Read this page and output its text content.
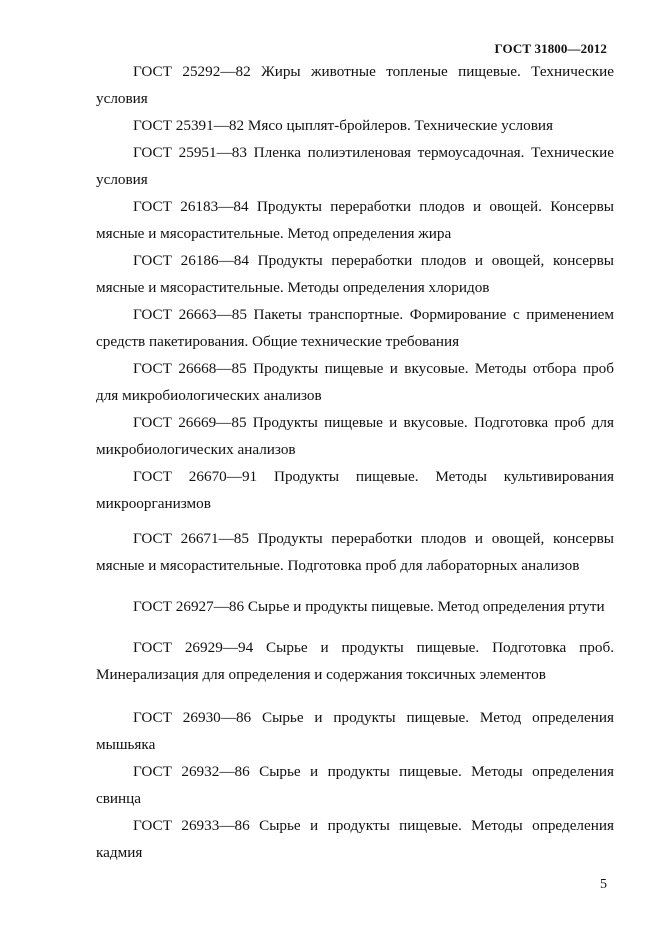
ГОСТ 31800—2012

ГОСТ 25292—82 Жиры животные топленые пищевые. Технические условия

ГОСТ 25391—82 Мясо цыплят-бройлеров. Технические условия

ГОСТ 25951—83 Пленка полиэтиленовая термоусадочная. Технические условия

ГОСТ 26183—84 Продукты переработки плодов и овощей. Консервы мясные и мясорастительные. Метод определения жира

ГОСТ 26186—84 Продукты переработки плодов и овощей, консервы мясные и мясорастительные. Методы определения хлоридов

ГОСТ 26663—85 Пакеты транспортные. Формирование с применением средств пакетирования. Общие технические требования

ГОСТ 26668—85 Продукты пищевые и вкусовые. Методы отбора проб для микробиологических анализов

ГОСТ 26669—85 Продукты пищевые и вкусовые. Подготовка проб для микробиологических анализов

ГОСТ 26670—91 Продукты пищевые. Методы культивирования микроорганизмов

ГОСТ 26671—85 Продукты переработки плодов и овощей, консервы мясные и мясорастительные. Подготовка проб для лабораторных анализов

ГОСТ 26927—86 Сырье и продукты пищевые. Метод определения ртути

ГОСТ 26929—94 Сырье и продукты пищевые. Подготовка проб. Минерализация для определения и содержания токсичных элементов

ГОСТ 26930—86 Сырье и продукты пищевые. Метод определения мышьяка

ГОСТ 26932—86 Сырье и продукты пищевые. Методы определения свинца

ГОСТ 26933—86 Сырье и продукты пищевые. Методы определения кадмия

5
